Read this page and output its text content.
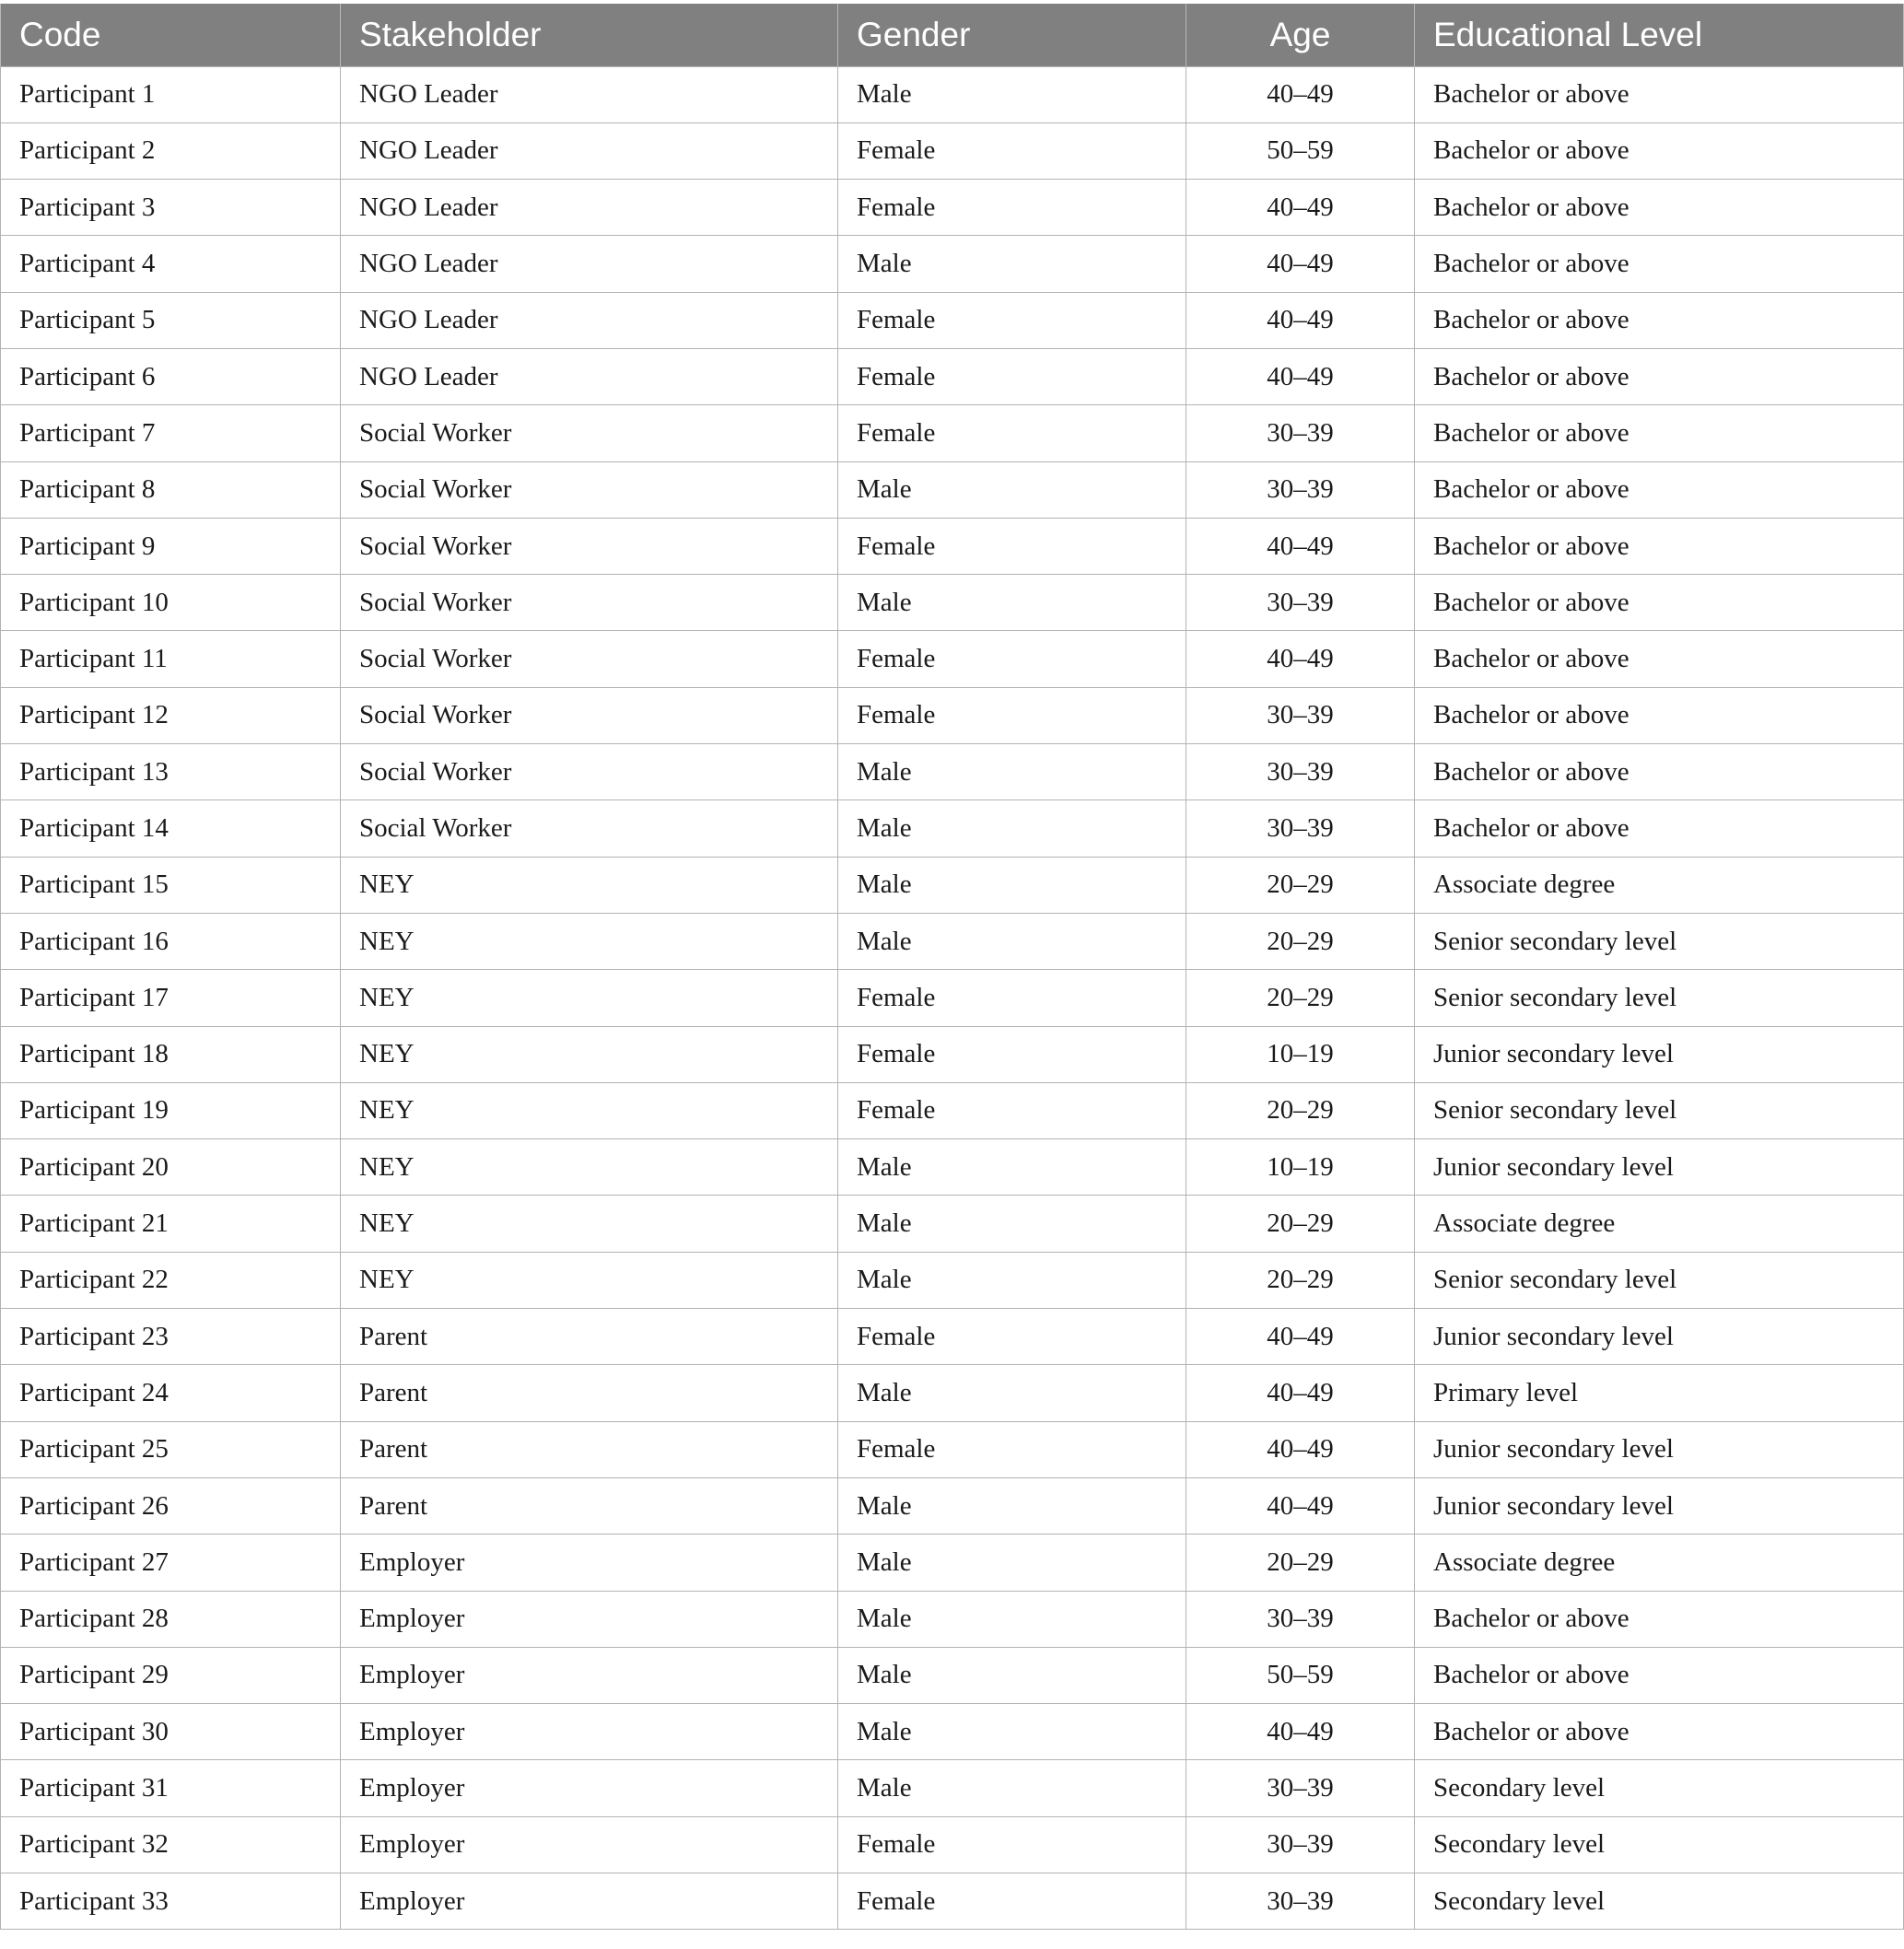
Code	Stakeholder	Gender	Age	Educational Level
Participant 1	NGO Leader	Male	40–49	Bachelor or above
Participant 2	NGO Leader	Female	50–59	Bachelor or above
Participant 3	NGO Leader	Female	40–49	Bachelor or above
Participant 4	NGO Leader	Male	40–49	Bachelor or above
Participant 5	NGO Leader	Female	40–49	Bachelor or above
Participant 6	NGO Leader	Female	40–49	Bachelor or above
Participant 7	Social Worker	Female	30–39	Bachelor or above
Participant 8	Social Worker	Male	30–39	Bachelor or above
Participant 9	Social Worker	Female	40–49	Bachelor or above
Participant 10	Social Worker	Male	30–39	Bachelor or above
Participant 11	Social Worker	Female	40–49	Bachelor or above
Participant 12	Social Worker	Female	30–39	Bachelor or above
Participant 13	Social Worker	Male	30–39	Bachelor or above
Participant 14	Social Worker	Male	30–39	Bachelor or above
Participant 15	NEY	Male	20–29	Associate degree
Participant 16	NEY	Male	20–29	Senior secondary level
Participant 17	NEY	Female	20–29	Senior secondary level
Participant 18	NEY	Female	10–19	Junior secondary level
Participant 19	NEY	Female	20–29	Senior secondary level
Participant 20	NEY	Male	10–19	Junior secondary level
Participant 21	NEY	Male	20–29	Associate degree
Participant 22	NEY	Male	20–29	Senior secondary level
Participant 23	Parent	Female	40–49	Junior secondary level
Participant 24	Parent	Male	40–49	Primary level
Participant 25	Parent	Female	40–49	Junior secondary level
Participant 26	Parent	Male	40–49	Junior secondary level
Participant 27	Employer	Male	20–29	Associate degree
Participant 28	Employer	Male	30–39	Bachelor or above
Participant 29	Employer	Male	50–59	Bachelor or above
Participant 30	Employer	Male	40–49	Bachelor or above
Participant 31	Employer	Male	30–39	Secondary level
Participant 32	Employer	Female	30–39	Secondary level
Participant 33	Employer	Female	30–39	Secondary level
